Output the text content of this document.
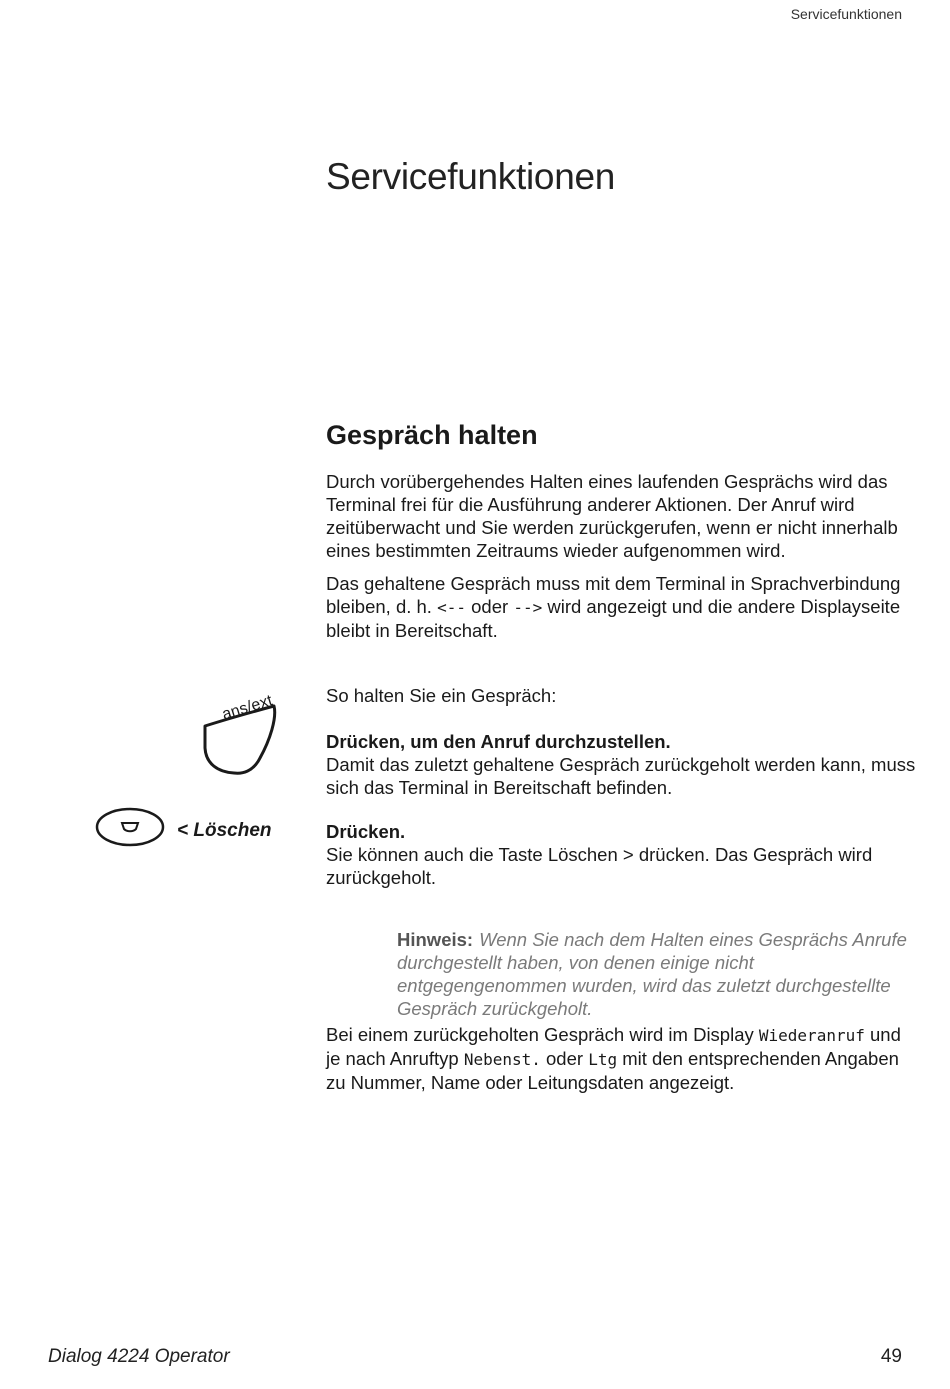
Servicefunktionen
Servicefunktionen
Gespräch halten

Durch vorübergehendes Halten eines laufenden Gesprächs wird das Terminal frei für die Ausführung anderer Aktionen. Der Anruf wird zeitüberwacht und Sie werden zurückgerufen, wenn er nicht innerhalb eines bestimmten Zeitraums wieder aufgenommen wird.

Das gehaltene Gespräch muss mit dem Terminal in Sprachverbindung bleiben, d. h. <-- oder --> wird angezeigt und die andere Displayseite bleibt in Bereitschaft.

So halten Sie ein Gespräch:

ans/ext

Drücken, um den Anruf durchzustellen.
Damit das zuletzt gehaltene Gespräch zurückgeholt werden kann, muss sich das Terminal in Bereitschaft befinden.

< Löschen	Drücken.
Sie können auch die Taste Löschen > drücken. Das Gespräch wird zurückgeholt.

Hinweis: Wenn Sie nach dem Halten eines Gesprächs Anrufe durchgestellt haben, von denen einige nicht entgegengenommen wurden, wird das zuletzt durchgestellte Gespräch zurückgeholt.

Bei einem zurückgeholten Gespräch wird im Display Wiederanruf und je nach Anruftyp Nebenst. oder Ltg mit den entsprechenden Angaben zu Nummer, Name oder Leitungsdaten angezeigt.

Dialog 4224 Operator	49
